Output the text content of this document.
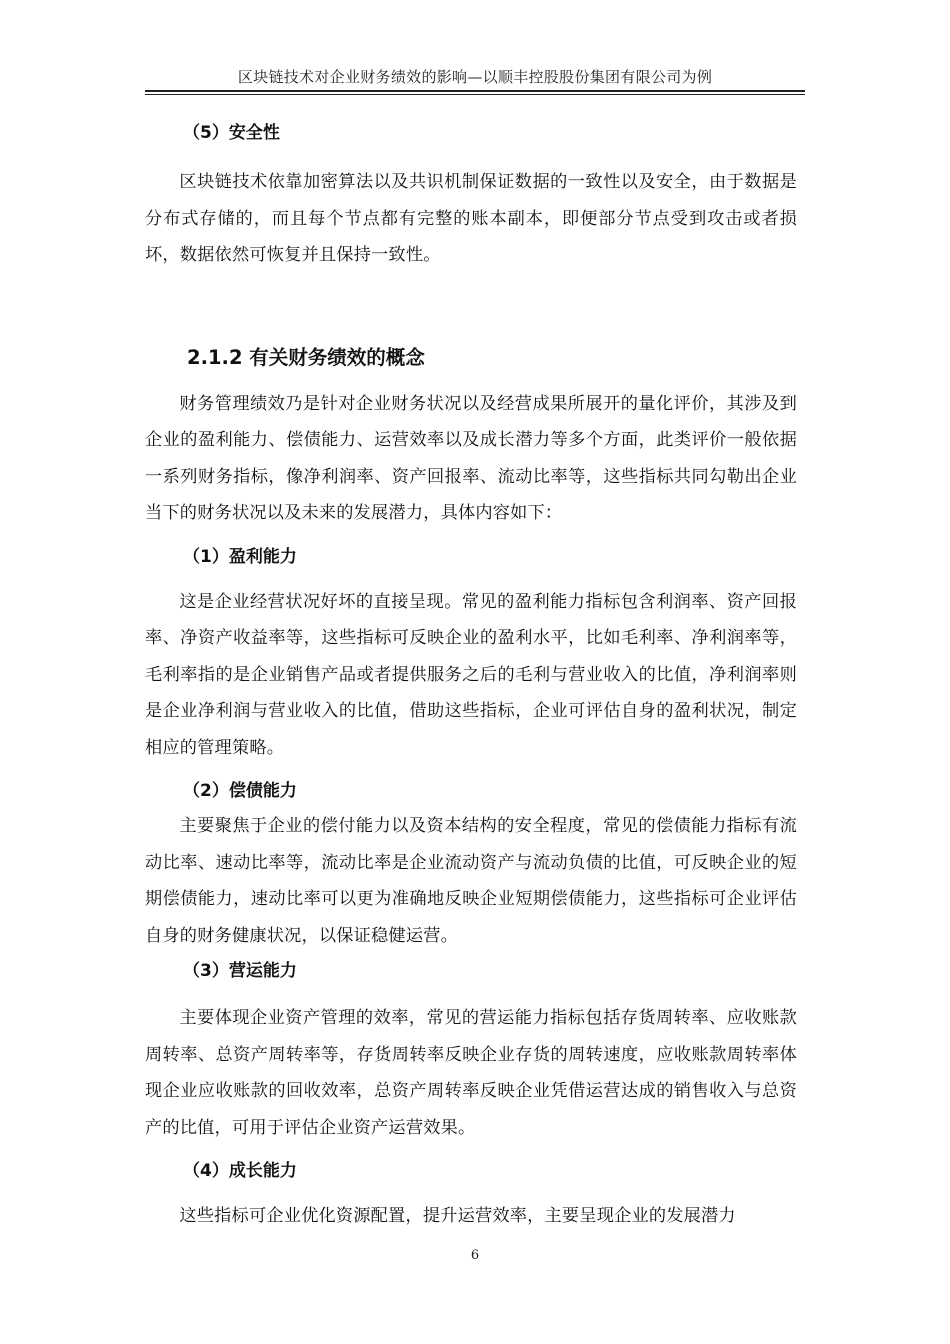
区块链技术对企业财务绩效的影响—以顺丰控股股份集团有限公司为例

（5）安全性

区块链技术依靠加密算法以及共识机制保证数据的一致性以及安全，由于数据是分布式存储的，而且每个节点都有完整的账本副本，即便部分节点受到攻击或者损坏，数据依然可恢复并且保持一致性。

2.1.2 有关财务绩效的概念

财务管理绩效乃是针对企业财务状况以及经营成果所展开的量化评价，其涉及到企业的盈利能力、偿债能力、运营效率以及成长潜力等多个方面，此类评价一般依据一系列财务指标，像净利润率、资产回报率、流动比率等，这些指标共同勾勒出企业当下的财务状况以及未来的发展潜力，具体内容如下：

（1）盈利能力

这是企业经营状况好坏的直接呈现。常见的盈利能力指标包含利润率、资产回报率、净资产收益率等，这些指标可反映企业的盈利水平，比如毛利率、净利润率等，毛利率指的是企业销售产品或者提供服务之后的毛利与营业收入的比值，净利润率则是企业净利润与营业收入的比值，借助这些指标，企业可评估自身的盈利状况，制定相应的管理策略。

（2）偿债能力

主要聚焦于企业的偿付能力以及资本结构的安全程度，常见的偿债能力指标有流动比率、速动比率等，流动比率是企业流动资产与流动负债的比值，可反映企业的短期偿债能力，速动比率可以更为准确地反映企业短期偿债能力，这些指标可企业评估自身的财务健康状况，以保证稳健运营。

（3）营运能力

主要体现企业资产管理的效率，常见的营运能力指标包括存货周转率、应收账款周转率、总资产周转率等，存货周转率反映企业存货的周转速度，应收账款周转率体现企业应收账款的回收效率，总资产周转率反映企业凭借运营达成的销售收入与总资产的比值，可用于评估企业资产运营效果。

（4）成长能力

这些指标可企业优化资源配置，提升运营效率，主要呈现企业的发展潜力

6
